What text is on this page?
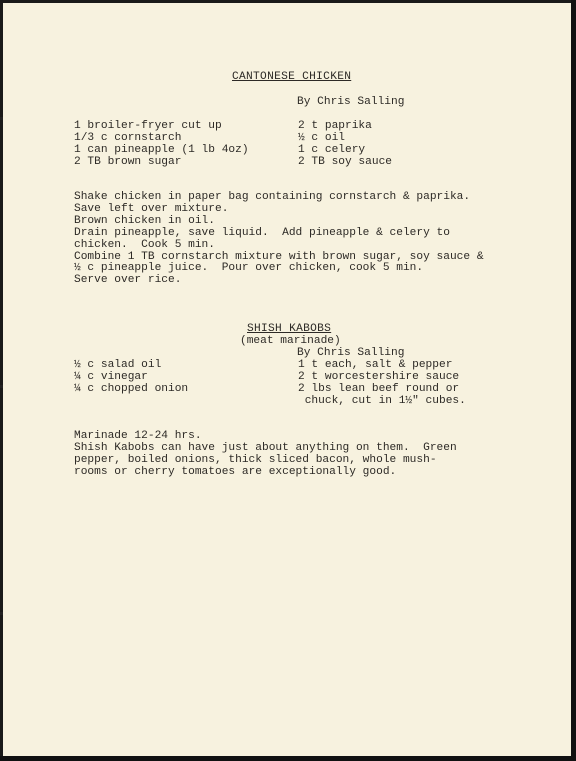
CANTONESE CHICKEN
By Chris Salling
1 broiler-fryer cut up
1/3 c cornstarch
1 can pineapple (1 lb 4oz)
2 TB brown sugar
2 t paprika
½ c oil
1 c celery
2 TB soy sauce
Shake chicken in paper bag containing cornstarch & paprika.
Save left over mixture.
Brown chicken in oil.
Drain pineapple, save liquid.  Add pineapple & celery to
chicken.  Cook 5 min.
Combine 1 TB cornstarch mixture with brown sugar, soy sauce &
½ c pineapple juice.  Pour over chicken, cook 5 min.
Serve over rice.
SHISH KABOBS
(meat marinade)
By Chris Salling
½ c salad oil
¼ c vinegar
¼ c chopped onion
1 t each, salt & pepper
2 t worcestershire sauce
2 lbs lean beef round or
chuck, cut in 1½" cubes.
Marinade 12-24 hrs.
Shish Kabobs can have just about anything on them.  Green
pepper, boiled onions, thick sliced bacon, whole mush-
rooms or cherry tomatoes are exceptionally good.
